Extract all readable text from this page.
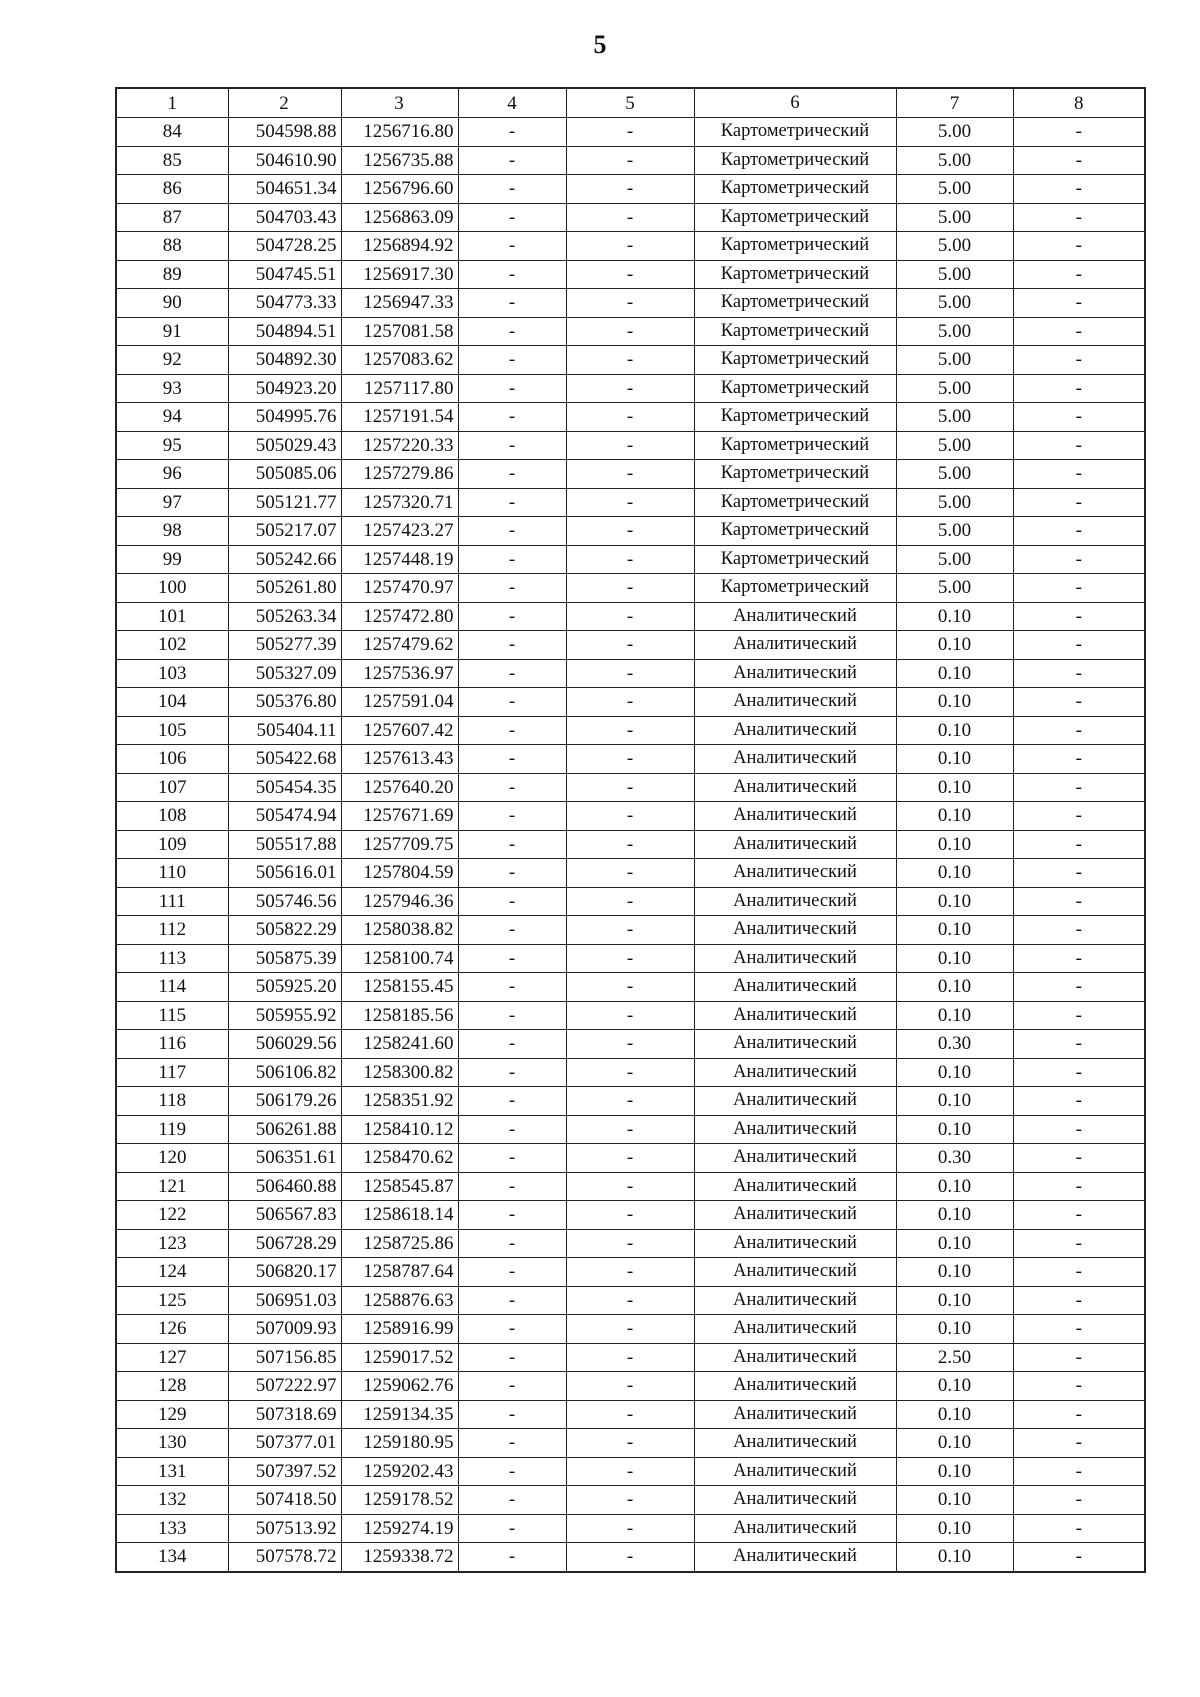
5
1	2	3	4	5	6	7	8
84	504598.88	1256716.80	-	-	Картометрический	5.00	-
85	504610.90	1256735.88	-	-	Картометрический	5.00	-
86	504651.34	1256796.60	-	-	Картометрический	5.00	-
87	504703.43	1256863.09	-	-	Картометрический	5.00	-
88	504728.25	1256894.92	-	-	Картометрический	5.00	-
89	504745.51	1256917.30	-	-	Картометрический	5.00	-
90	504773.33	1256947.33	-	-	Картометрический	5.00	-
91	504894.51	1257081.58	-	-	Картометрический	5.00	-
92	504892.30	1257083.62	-	-	Картометрический	5.00	-
93	504923.20	1257117.80	-	-	Картометрический	5.00	-
94	504995.76	1257191.54	-	-	Картометрический	5.00	-
95	505029.43	1257220.33	-	-	Картометрический	5.00	-
96	505085.06	1257279.86	-	-	Картометрический	5.00	-
97	505121.77	1257320.71	-	-	Картометрический	5.00	-
98	505217.07	1257423.27	-	-	Картометрический	5.00	-
99	505242.66	1257448.19	-	-	Картометрический	5.00	-
100	505261.80	1257470.97	-	-	Картометрический	5.00	-
101	505263.34	1257472.80	-	-	Аналитический	0.10	-
102	505277.39	1257479.62	-	-	Аналитический	0.10	-
103	505327.09	1257536.97	-	-	Аналитический	0.10	-
104	505376.80	1257591.04	-	-	Аналитический	0.10	-
105	505404.11	1257607.42	-	-	Аналитический	0.10	-
106	505422.68	1257613.43	-	-	Аналитический	0.10	-
107	505454.35	1257640.20	-	-	Аналитический	0.10	-
108	505474.94	1257671.69	-	-	Аналитический	0.10	-
109	505517.88	1257709.75	-	-	Аналитический	0.10	-
110	505616.01	1257804.59	-	-	Аналитический	0.10	-
111	505746.56	1257946.36	-	-	Аналитический	0.10	-
112	505822.29	1258038.82	-	-	Аналитический	0.10	-
113	505875.39	1258100.74	-	-	Аналитический	0.10	-
114	505925.20	1258155.45	-	-	Аналитический	0.10	-
115	505955.92	1258185.56	-	-	Аналитический	0.10	-
116	506029.56	1258241.60	-	-	Аналитический	0.30	-
117	506106.82	1258300.82	-	-	Аналитический	0.10	-
118	506179.26	1258351.92	-	-	Аналитический	0.10	-
119	506261.88	1258410.12	-	-	Аналитический	0.10	-
120	506351.61	1258470.62	-	-	Аналитический	0.30	-
121	506460.88	1258545.87	-	-	Аналитический	0.10	-
122	506567.83	1258618.14	-	-	Аналитический	0.10	-
123	506728.29	1258725.86	-	-	Аналитический	0.10	-
124	506820.17	1258787.64	-	-	Аналитический	0.10	-
125	506951.03	1258876.63	-	-	Аналитический	0.10	-
126	507009.93	1258916.99	-	-	Аналитический	0.10	-
127	507156.85	1259017.52	-	-	Аналитический	2.50	-
128	507222.97	1259062.76	-	-	Аналитический	0.10	-
129	507318.69	1259134.35	-	-	Аналитический	0.10	-
130	507377.01	1259180.95	-	-	Аналитический	0.10	-
131	507397.52	1259202.43	-	-	Аналитический	0.10	-
132	507418.50	1259178.52	-	-	Аналитический	0.10	-
133	507513.92	1259274.19	-	-	Аналитический	0.10	-
134	507578.72	1259338.72	-	-	Аналитический	0.10	-
